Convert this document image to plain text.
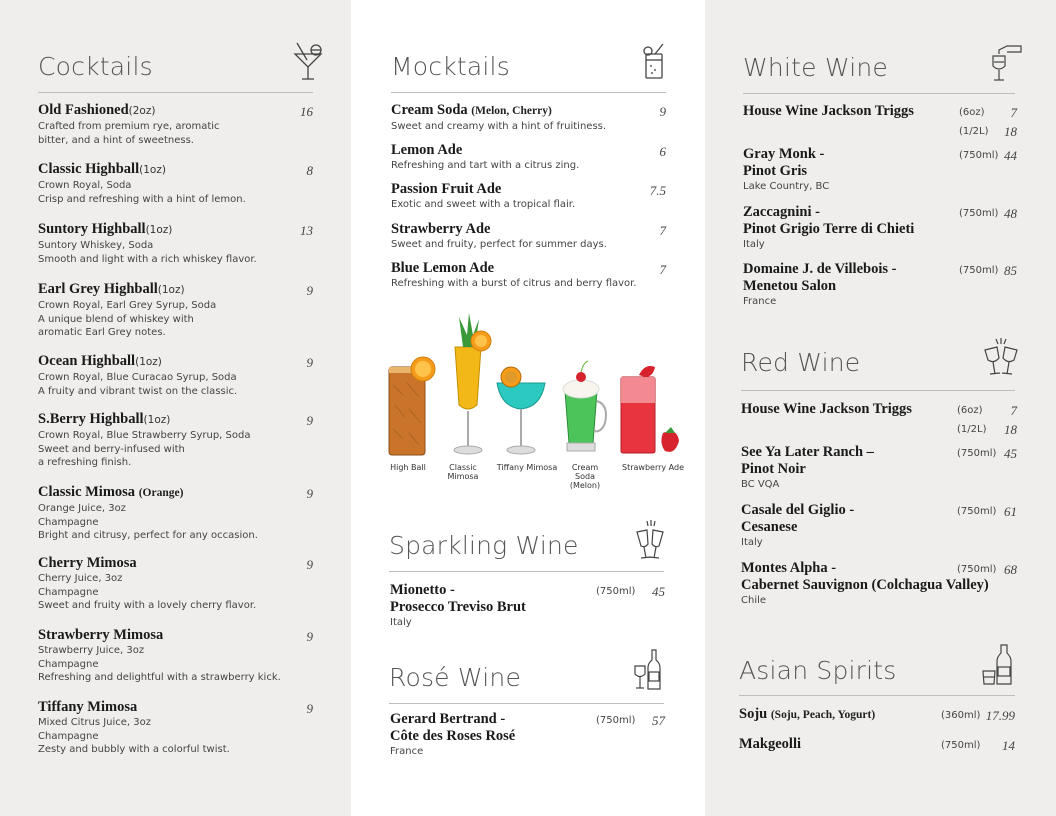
Cocktails
Old Fashioned(2oz)
Crafted from premium rye, aromatic
bitter, and a hint of sweetness.
16
Classic Highball(1oz)
Crown Royal, Soda
Crisp and refreshing with a hint of lemon.
8
Suntory Highball(1oz)
Suntory Whiskey, Soda
Smooth and light with a rich whiskey flavor.
13
Earl Grey Highball(1oz)
Crown Royal, Earl Grey Syrup, Soda
A unique blend of whiskey with
aromatic Earl Grey notes.
9
Ocean Highball(1oz)
Crown Royal, Blue Curacao Syrup, Soda
A fruity and vibrant twist on the classic.
9
S.Berry Highball(1oz)
Crown Royal, Blue Strawberry Syrup, Soda
Sweet and berry-infused with
a refreshing finish.
9
Classic Mimosa (Orange)
Orange Juice, 3oz
Champagne
Bright and citrusy, perfect for any occasion.
9
Cherry Mimosa
Cherry Juice, 3oz
Champagne
Sweet and fruity with a lovely cherry flavor.
9
Strawberry Mimosa
Strawberry Juice, 3oz
Champagne
Refreshing and delightful with a strawberry kick.
9
Tiffany Mimosa
Mixed Citrus Juice, 3oz
Champagne
Zesty and bubbly with a colorful twist.
9
Mocktails
Cream Soda (Melon, Cherry)
Sweet and creamy with a hint of fruitiness.
9
Lemon Ade
Refreshing and tart with a citrus zing.
6
Passion Fruit Ade
Exotic and sweet with a tropical flair.
7.5
Strawberry Ade
Sweet and fruity, perfect for summer days.
7
Blue Lemon Ade
Refreshing with a burst of citrus and berry flavor.
7
High Ball	Classic Mimosa
Tiffany Mimosa	Cream Soda
(Melon)
Strawberry Ade
Sparkling Wine
Mionetto -
Prosecco Treviso Brut
Italy
(750ml)	45
Rosé Wine
Gerard Bertrand -
Côte des Roses Rosé
France
(750ml)	57
White Wine
House Wine Jackson Triggs	(6oz)	7
(1/2L)	18
Gray Monk -
Pinot Gris
Lake Country, BC
(750ml) 44
Zaccagnini -
Pinot Grigio Terre di Chieti
Italy
(750ml) 48
Domaine J. de Villebois -
Menetou Salon
France
(750ml) 85
Red Wine
House Wine Jackson Triggs	(6oz)	7
(1/2L)	18
See Ya Later Ranch –
Pinot Noir
BC VQA
(750ml) 45
Casale del Giglio -
Cesanese
Italy
(750ml) 61
Montes Alpha -
Cabernet Sauvignon (Colchagua Valley)
Chile
(750ml) 68
Asian Spirits
Soju (Soju, Peach, Yogurt)	(360ml) 17.99
Makgeolli	(750ml)	14
